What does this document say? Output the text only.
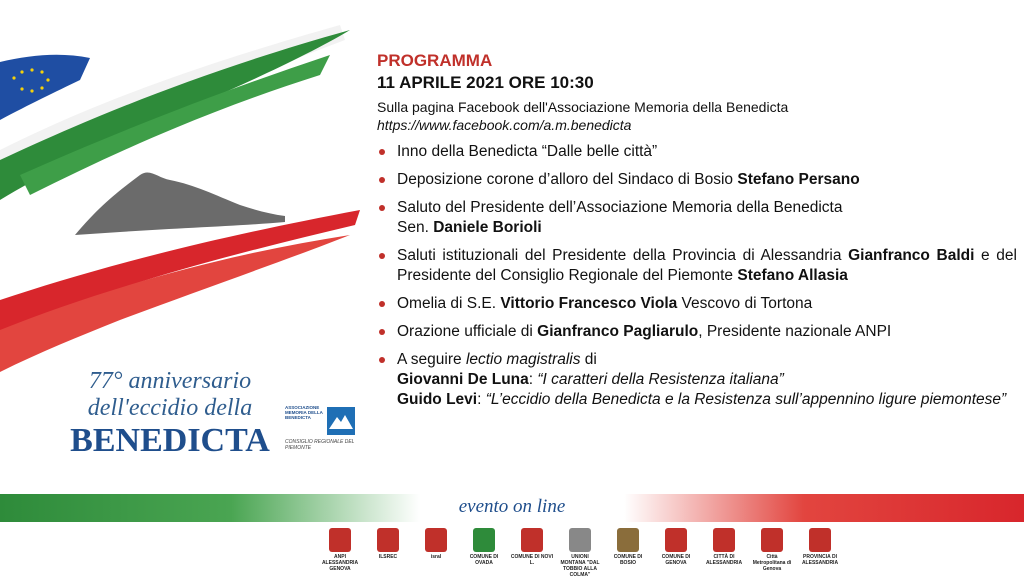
77° anniversario
dell'eccidio della
BENEDICTA
ASSOCIAZIONE MEMORIA DELLA BENEDICTA
CONSIGLIO REGIONALE DEL PIEMONTE
PROGRAMMA
11 APRILE 2021 ORE 10:30
Sulla pagina Facebook dell'Associazione Memoria della Benedicta
https://www.facebook.com/a.m.benedicta
Inno della Benedicta “Dalle belle città”
Deposizione corone d’alloro del Sindaco di Bosio Stefano Persano
Saluto del Presidente dell’Associazione Memoria della Benedicta
Sen. Daniele Borioli
Saluti istituzionali del Presidente della Provincia di Alessandria Gianfranco Baldi e del Presidente del Consiglio Regionale del Piemonte Stefano Allasia
Omelia di S.E. Vittorio Francesco Viola Vescovo di Tortona
Orazione ufficiale di Gianfranco Pagliarulo, Presidente nazionale ANPI
A seguire lectio magistralis di
Giovanni De Luna: “I caratteri della Resistenza italiana”
Guido Levi: “L’eccidio della Benedicta e la Resistenza sull’appennino ligure piemontese”
evento on line
ANPI ALESSANDRIA GENOVA
ILSREC	isral	COMUNE DI OVADA
COMUNE DI NOVI L.
UNIONI MONTANA "DAL TOBBIO ALLA COLMA"
COMUNE DI BOSIO
COMUNE DI GENOVA
CITTÀ DI ALESSANDRIA
Città Metropolitana di Genova
PROVINCIA DI ALESSANDRIA
